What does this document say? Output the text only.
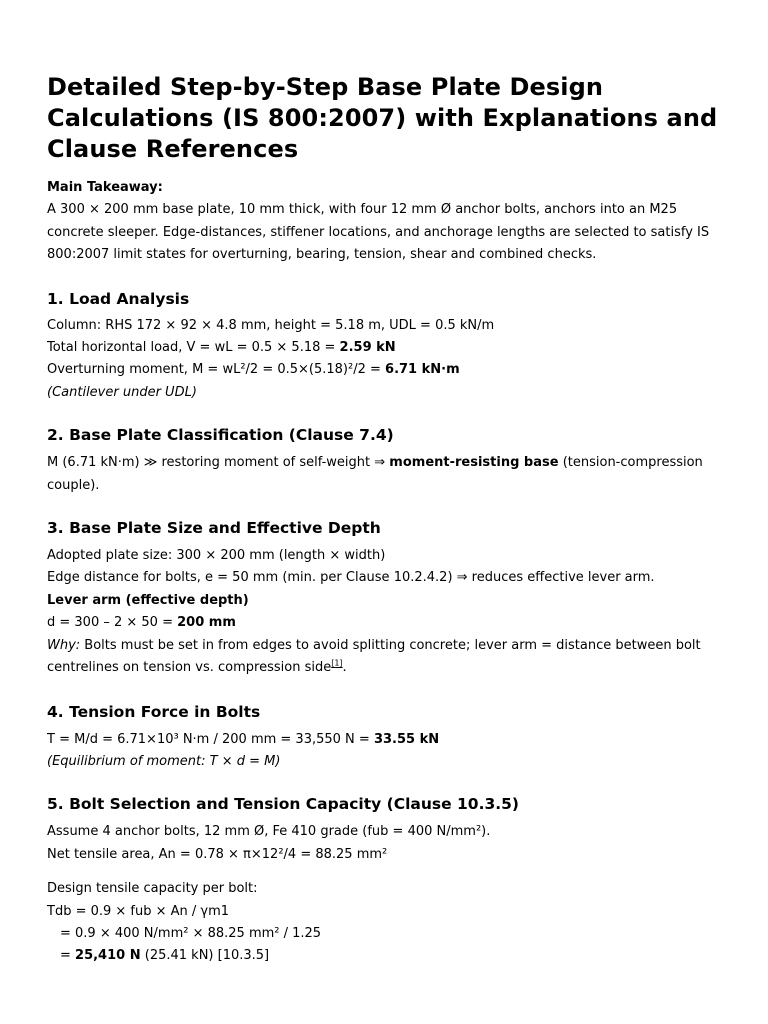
Detailed Step-by-Step Base Plate Design Calculations (IS 800:2007) with Explanations and Clause References

Main Takeaway:

A 300 × 200 mm base plate, 10 mm thick, with four 12 mm Ø anchor bolts, anchors into an M25 concrete sleeper. Edge-distances, stiffener locations, and anchorage lengths are selected to satisfy IS 800:2007 limit states for overturning, bearing, tension, shear and combined checks.

1. Load Analysis

Column: RHS 172 × 92 × 4.8 mm, height = 5.18 m, UDL = 0.5 kN/m

Total horizontal load, V = wL = 0.5 × 5.18 = 2.59 kN

Overturning moment, M = wL²/2 = 0.5×(5.18)²/2 = 6.71 kN·m

(Cantilever under UDL)

2. Base Plate Classification (Clause 7.4)

M (6.71 kN·m) ≫ restoring moment of self-weight ⇒ moment-resisting base (tension-compression couple).

3. Base Plate Size and Effective Depth

Adopted plate size: 300 × 200 mm (length × width)

Edge distance for bolts, e = 50 mm (min. per Clause 10.2.4.2) ⇒ reduces effective lever arm.

Lever arm (effective depth)

d = 300 – 2 × 50 = 200 mm

Why: Bolts must be set in from edges to avoid splitting concrete; lever arm = distance between bolt centrelines on tension vs. compression side[1].

4. Tension Force in Bolts

T = M/d = 6.71×10³ N·m / 200 mm = 33,550 N = 33.55 kN

(Equilibrium of moment: T × d = M)

5. Bolt Selection and Tension Capacity (Clause 10.3.5)

Assume 4 anchor bolts, 12 mm Ø, Fe 410 grade (fub = 400 N/mm²).

Net tensile area, An = 0.78 × π×12²/4 = 88.25 mm²

Design tensile capacity per bolt:

Tdb = 0.9 × fub × An / γm1

= 0.9 × 400 N/mm² × 88.25 mm² / 1.25

= 25,410 N (25.41 kN) [10.3.5]
